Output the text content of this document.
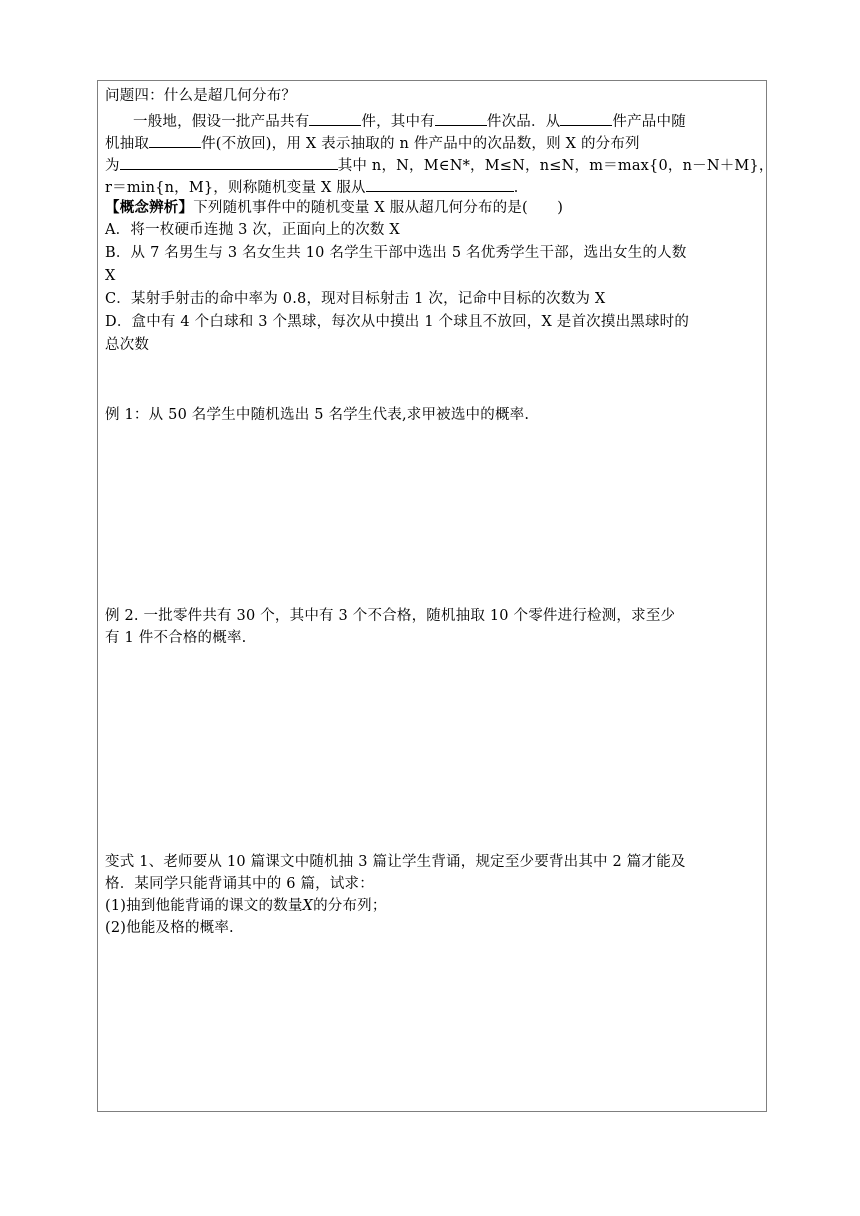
问题四：什么是超几何分布？
一般地，假设一批产品共有	件，其中有	件次品．从	件产品中随
机抽取	件(不放回)，用 X 表示抽取的 n 件产品中的次品数，则 X 的分布列
为	其中 n，N，M∈N*，M≤N，n≤N，m＝max{0，n－N＋M}，
r＝min{n，M}，则称随机变量 X 服从	．
【概念辨析】下列随机事件中的随机变量 X 服从超几何分布的是(　　)
A．将一枚硬币连抛 3 次，正面向上的次数 X
B．从 7 名男生与 3 名女生共 10 名学生干部中选出 5 名优秀学生干部，选出女生的人数
X
C．某射手射击的命中率为 0.8，现对目标射击 1 次，记命中目标的次数为 X
D．盒中有 4 个白球和 3 个黑球，每次从中摸出 1 个球且不放回，X 是首次摸出黑球时的
总次数
例 1：从 50 名学生中随机选出 5 名学生代表,求甲被选中的概率.
例 2. 一批零件共有 30 个，其中有 3 个不合格，随机抽取 10 个零件进行检测，求至少
有 1 件不合格的概率.
变式 1、老师要从 10 篇课文中随机抽 3 篇让学生背诵，规定至少要背出其中 2 篇才能及
格．某同学只能背诵其中的 6 篇，试求：
(1)抽到他能背诵的课文的数量X的分布列；
(2)他能及格的概率.
